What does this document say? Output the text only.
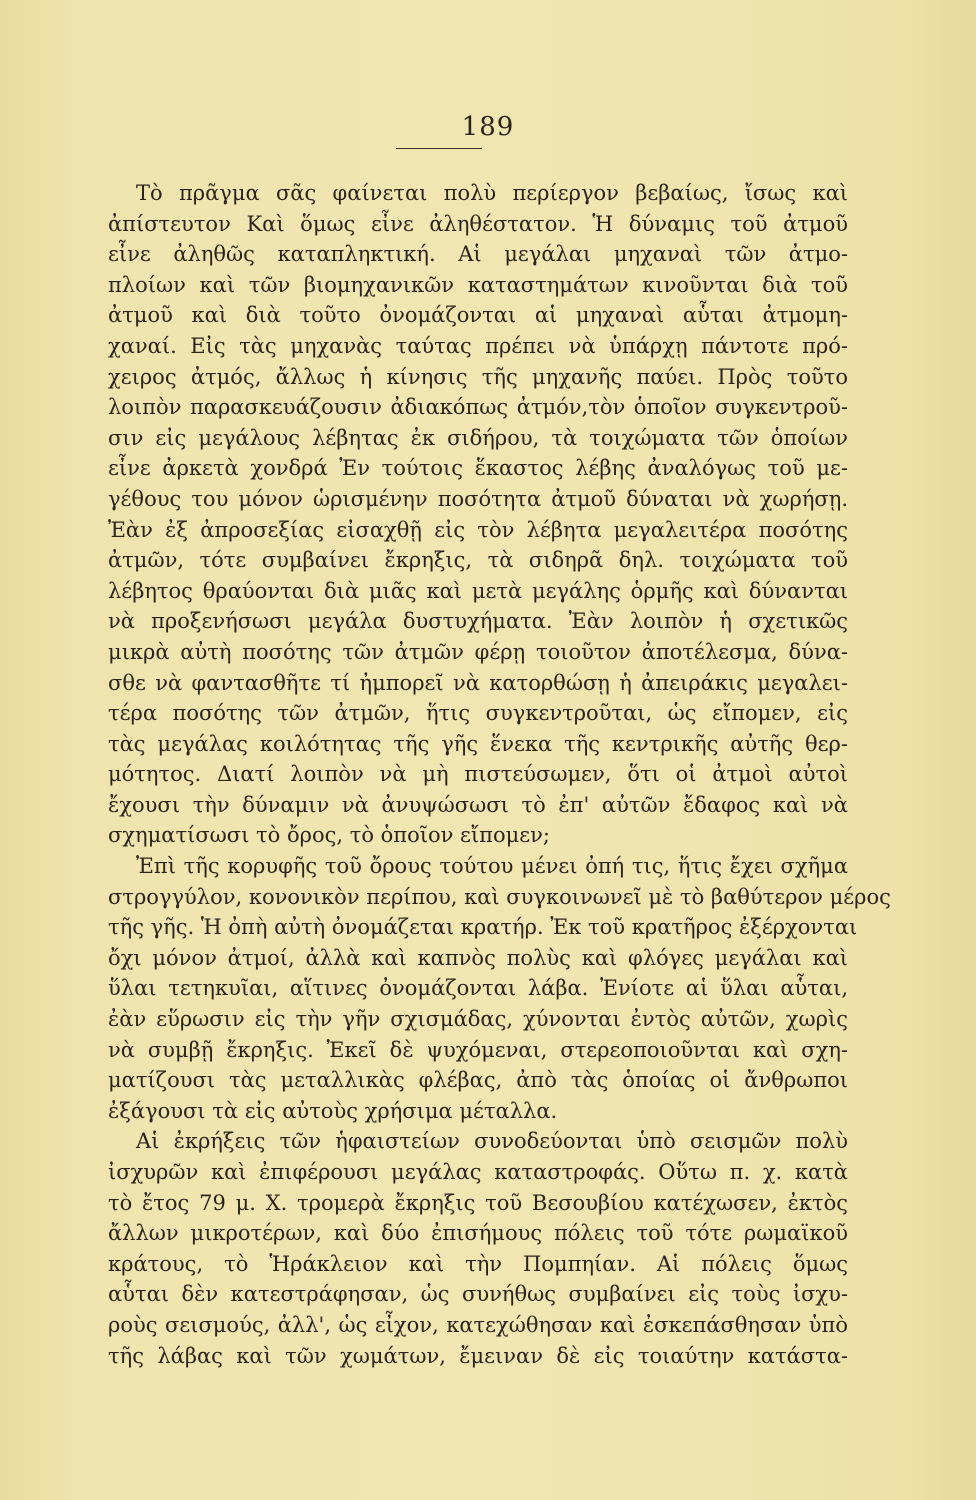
189
Τὸ πρᾶγμα σᾶς φαίνεται πολὺ περίεργον βεβαίως, ἴσως καὶ
ἀπίστευτον Καὶ ὅμως εἶνε ἀληθέστατον. Ἡ δύναμις τοῦ ἀτμοῦ
εἶνε ἀληθῶς καταπληκτική. Αἱ μεγάλαι μηχαναὶ τῶν ἀτμο-
πλοίων καὶ τῶν βιομηχανικῶν καταστημάτων κινοῦνται διὰ τοῦ
ἀτμοῦ καὶ διὰ τοῦτο ὀνομάζονται αἱ μηχαναὶ αὗται ἀτμομη-
χαναί. Εἰς τὰς μηχανὰς ταύτας πρέπει νὰ ὑπάρχῃ πάντοτε πρό-
χειρος ἀτμός, ἄλλως ἡ κίνησις τῆς μηχανῆς παύει. Πρὸς τοῦτο
λοιπὸν παρασκευάζουσιν ἀδιακόπως ἀτμόν,τὸν ὁποῖον συγκεντροῦ-
σιν εἰς μεγάλους λέβητας ἐκ σιδήρου, τὰ τοιχώματα τῶν ὁποίων
εἶνε ἀρκετὰ χονδρά Ἐν τούτοις ἕκαστος λέβης ἀναλόγως τοῦ με-
γέθους του μόνον ὡρισμένην ποσότητα ἀτμοῦ δύναται νὰ χωρήσῃ.
Ἐὰν ἐξ ἀπροσεξίας εἰσαχθῇ εἰς τὸν λέβητα μεγαλειτέρα ποσότης
ἀτμῶν, τότε συμβαίνει ἔκρηξις, τὰ σιδηρᾶ δηλ. τοιχώματα τοῦ
λέβητος θραύονται διὰ μιᾶς καὶ μετὰ μεγάλης ὁρμῆς καὶ δύνανται
νὰ προξενήσωσι μεγάλα δυστυχήματα. Ἐὰν λοιπὸν ἡ σχετικῶς
μικρὰ αὐτὴ ποσότης τῶν ἀτμῶν φέρῃ τοιοῦτον ἀποτέλεσμα, δύνα-
σθε νὰ φαντασθῆτε τί ἠμπορεῖ νὰ κατορθώσῃ ἡ ἀπειράκις μεγαλει-
τέρα ποσότης τῶν ἀτμῶν, ἥτις συγκεντροῦται, ὡς εἴπομεν, εἰς
τὰς μεγάλας κοιλότητας τῆς γῆς ἕνεκα τῆς κεντρικῆς αὐτῆς θερ-
μότητος. Διατί λοιπὸν νὰ μὴ πιστεύσωμεν, ὅτι οἱ ἀτμοὶ αὐτοὶ
ἔχουσι τὴν δύναμιν νὰ ἀνυψώσωσι τὸ ἐπ' αὐτῶν ἔδαφος καὶ νὰ
σχηματίσωσι τὸ ὄρος, τὸ ὁποῖον εἴπομεν;
Ἐπὶ τῆς κορυφῆς τοῦ ὄρους τούτου μένει ὀπή τις, ἥτις ἔχει σχῆμα
στρογγύλον, κονονικὸν περίπου, καὶ συγκοινωνεῖ μὲ τὸ βαθύτερον μέρος
τῆς γῆς. Ἡ ὀπὴ αὐτὴ ὀνομάζεται κρατήρ. Ἐκ τοῦ κρατῆρος ἐξέρχονται
ὄχι μόνον ἀτμοί, ἀλλὰ καὶ καπνὸς πολὺς καὶ φλόγες μεγάλαι καὶ
ὕλαι τετηκυῖαι, αἵτινες ὀνομάζονται λάβα. Ἐνίοτε αἱ ὕλαι αὗται,
ἐὰν εὕρωσιν εἰς τὴν γῆν σχισμάδας, χύνονται ἐντὸς αὐτῶν, χωρὶς
νὰ συμβῇ ἔκρηξις. Ἐκεῖ δὲ ψυχόμεναι, στερεοποιοῦνται καὶ σχη-
ματίζουσι τὰς μεταλλικὰς φλέβας, ἀπὸ τὰς ὁποίας οἱ ἄνθρωποι
ἐξάγουσι τὰ εἰς αὐτοὺς χρήσιμα μέταλλα.
Αἱ ἐκρήξεις τῶν ἡφαιστείων συνοδεύονται ὑπὸ σεισμῶν πολὺ
ἰσχυρῶν καὶ ἐπιφέρουσι μεγάλας καταστροφάς. Οὕτω π. χ. κατὰ
τὸ ἔτος 79 μ. Χ. τρομερὰ ἔκρηξις τοῦ Βεσουβίου κατέχωσεν, ἐκτὸς
ἄλλων μικροτέρων, καὶ δύο ἐπισήμους πόλεις τοῦ τότε ρωμαϊκοῦ
κράτους, τὸ Ἡράκλειον καὶ τὴν Πομπηίαν. Αἱ πόλεις ὅμως
αὗται δὲν κατεστράφησαν, ὡς συνήθως συμβαίνει εἰς τοὺς ἰσχυ-
ροὺς σεισμούς, ἀλλ', ὡς εἶχον, κατεχώθησαν καὶ ἐσκεπάσθησαν ὑπὸ
τῆς λάβας καὶ τῶν χωμάτων, ἔμειναν δὲ εἰς τοιαύτην κατάστα-
